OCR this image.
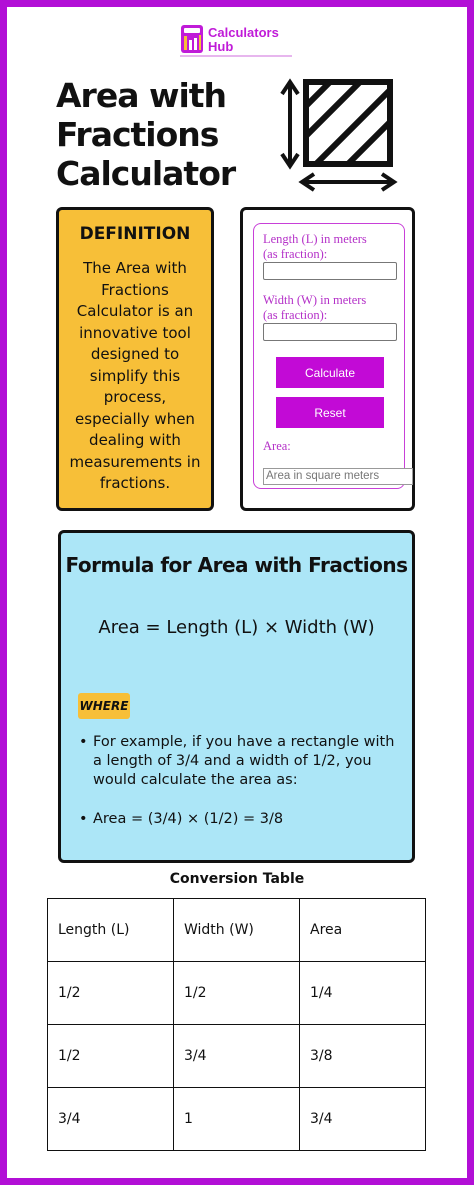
Calculators
Hub
Area with
Fractions
Calculator
DEFINITION
The Area with Fractions Calculator is an innovative tool designed to simplify this process, especially when dealing with measurements in fractions.
Length (L) in meters
(as fraction):
Width (W) in meters
(as fraction):
Calculate
Reset
Area:
Area in square meters
Formula for Area with Fractions
Area = Length (L) × Width (W)
WHERE
• For example, if you have a rectangle with a length of 3/4 and a width of 1/2, you would calculate the area as:
• Area = (3/4) × (1/2) = 3/8
Conversion Table
Length (L)	Width (W)	Area
1/2	1/2	1/4
1/2	3/4	3/8
3/4	1	3/4
